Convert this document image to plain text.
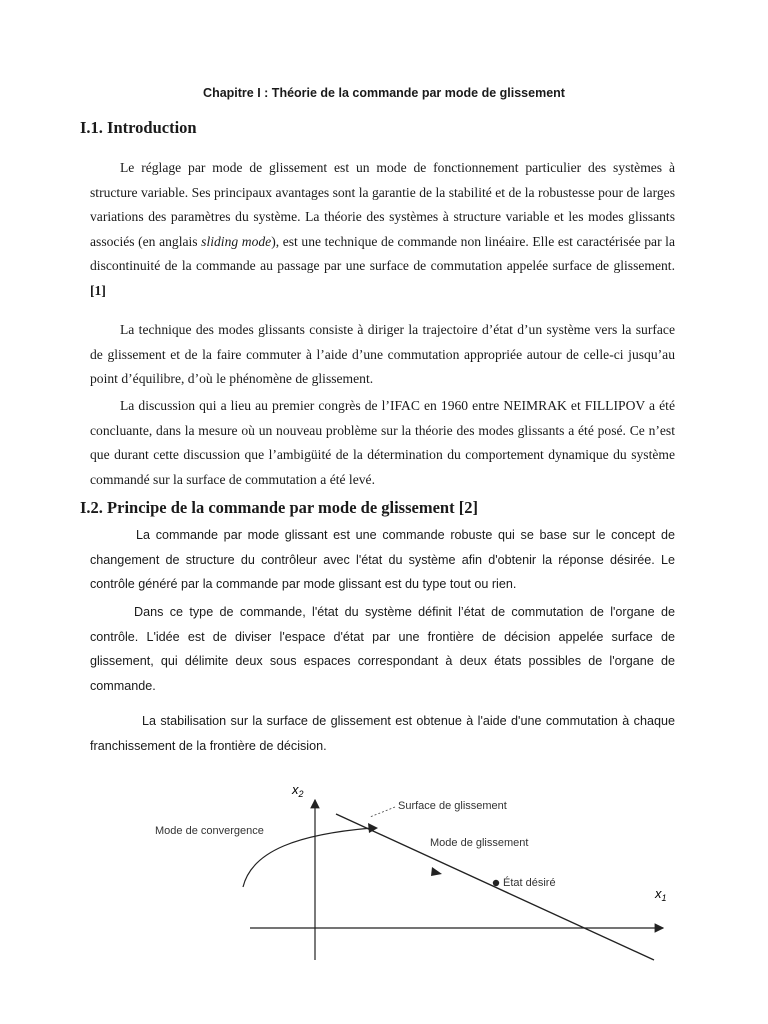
Chapitre I : Théorie de la commande par mode de glissement
I.1. Introduction

Le réglage par mode de glissement est un mode de fonctionnement particulier des systèmes à structure variable. Ses principaux avantages sont la garantie de la stabilité et de la robustesse pour de larges variations des paramètres du système. La théorie des systèmes à structure variable et les modes glissants associés (en anglais sliding mode), est une technique de commande non linéaire. Elle est caractérisée par la discontinuité de la commande au passage par une surface de commutation appelée surface de glissement.[1]

La technique des modes glissants consiste à diriger la trajectoire d’état d’un système vers la surface de glissement et de la faire commuter à l’aide d’une commutation appropriée autour de celle-ci jusqu’au point d’équilibre, d’où le phénomène de glissement.

La discussion qui a lieu au premier congrès de l’IFAC en 1960 entre NEIMRAK et FILLIPOV a été concluante, dans la mesure où un nouveau problème sur la théorie des modes glissants a été posé. Ce n’est que durant cette discussion que l’ambigüité de la détermination du comportement dynamique du système commandé sur la surface de commutation a été levé.

I.2. Principe de la commande par mode de glissement [2]

La commande par mode glissant est une commande robuste qui se base sur le concept de changement de structure du contrôleur avec l'état du système afin d'obtenir la réponse désirée. Le contrôle généré par la commande par mode glissant est du type tout ou rien.

Dans ce type de commande, l'état du système définit l’état de commutation de l'organe de contrôle. L'idée est de diviser l'espace d'état par une frontière de décision appelée surface de glissement, qui délimite deux sous espaces correspondant à deux états possibles de l'organe de commande.

La stabilisation sur la surface de glissement est obtenue à l'aide d'une commutation à chaque franchissement de la frontière de décision.

$x_2$
$x_1$
Surface de glissement
Mode de convergence
Mode de glissement
État désiré
